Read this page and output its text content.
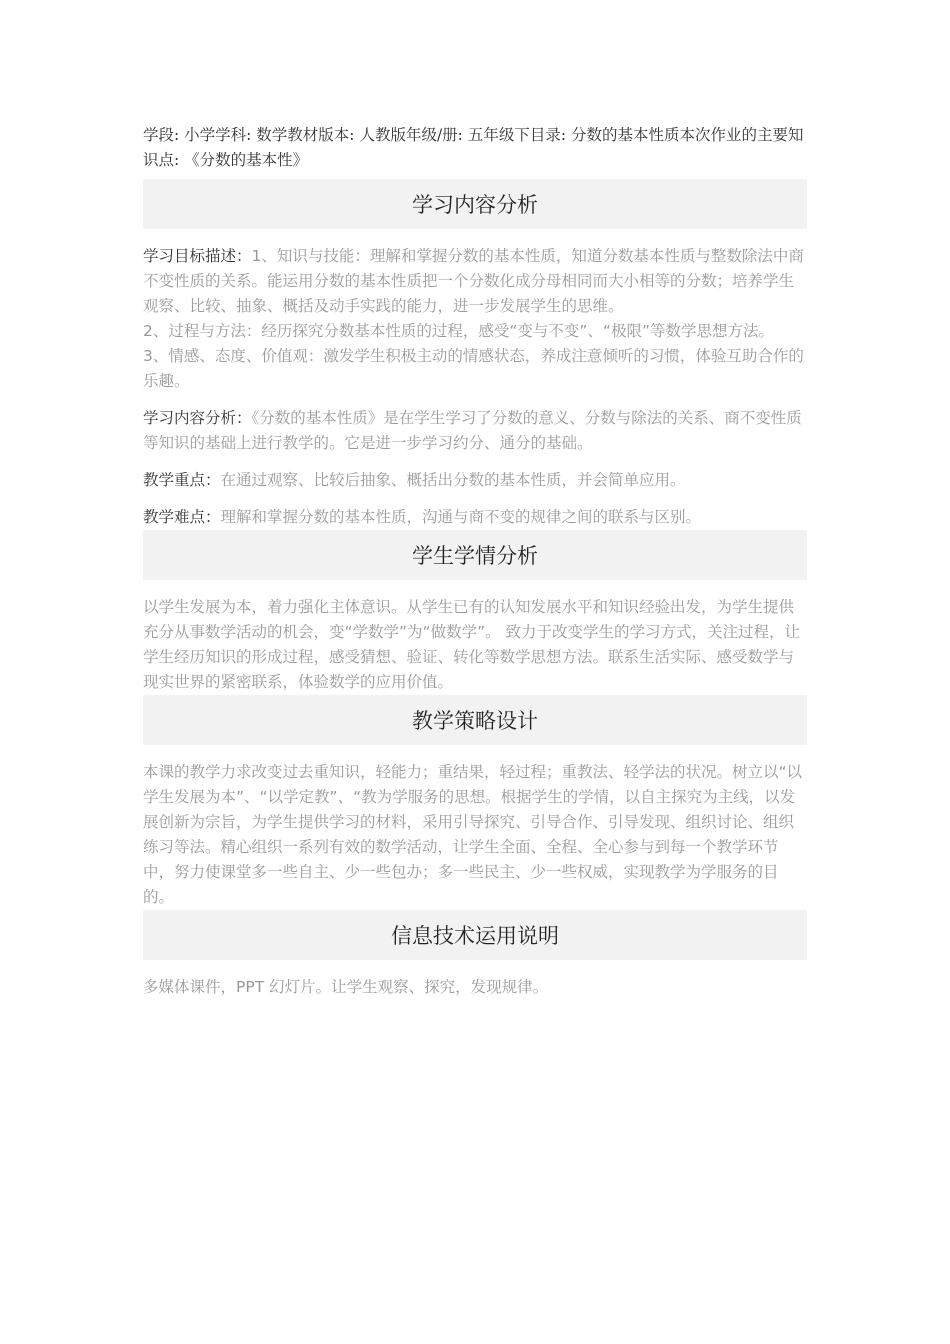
学段: 小学学科: 数学教材版本: 人教版年级/册: 五年级下目录: 分数的基本性质本次作业的主要知识点: 《分数的基本性》

学习内容分析
学习目标描述：1、知识与技能：理解和掌握分数的基本性质，知道分数基本性质与整数除法中商不变性质的关系。能运用分数的基本性质把一个分数化成分母相同而大小相等的分数；培养学生观察、比较、抽象、概括及动手实践的能力，进一步发展学生的思维。
2、过程与方法：经历探究分数基本性质的过程，感受“变与不变”、“极限”等数学思想方法。
3、情感、态度、价值观：激发学生积极主动的情感状态，养成注意倾听的习惯，体验互助合作的乐趣。
学习内容分析：《分数的基本性质》是在学生学习了分数的意义、分数与除法的关系、商不变性质等知识的基础上进行教学的。它是进一步学习约分、通分的基础。
教学重点：在通过观察、比较后抽象、概括出分数的基本性质，并会简单应用。
教学难点：理解和掌握分数的基本性质，沟通与商不变的规律之间的联系与区别。
学生学情分析
以学生发展为本，着力强化主体意识。从学生已有的认知发展水平和知识经验出发，为学生提供充分从事数学活动的机会，变“学数学”为“做数学”。 致力于改变学生的学习方式，关注过程，让学生经历知识的形成过程，感受猜想、验证、转化等数学思想方法。联系生活实际、感受数学与现实世界的紧密联系，体验数学的应用价值。
教学策略设计
本课的教学力求改变过去重知识，轻能力；重结果，轻过程；重教法、轻学法的状况。树立以“以学生发展为本”、“以学定教”、“教为学服务的思想。根据学生的学情，以自主探究为主线，以发展创新为宗旨，为学生提供学习的材料，采用引导探究、引导合作、引导发现、组织讨论、组织练习等法。精心组织一系列有效的数学活动，让学生全面、全程、全心参与到每一个教学环节中，努力使课堂多一些自主、少一些包办；多一些民主、少一些权威，实现教学为学服务的目的。
信息技术运用说明
多媒体课件，PPT 幻灯片。让学生观察、探究，发现规律。
